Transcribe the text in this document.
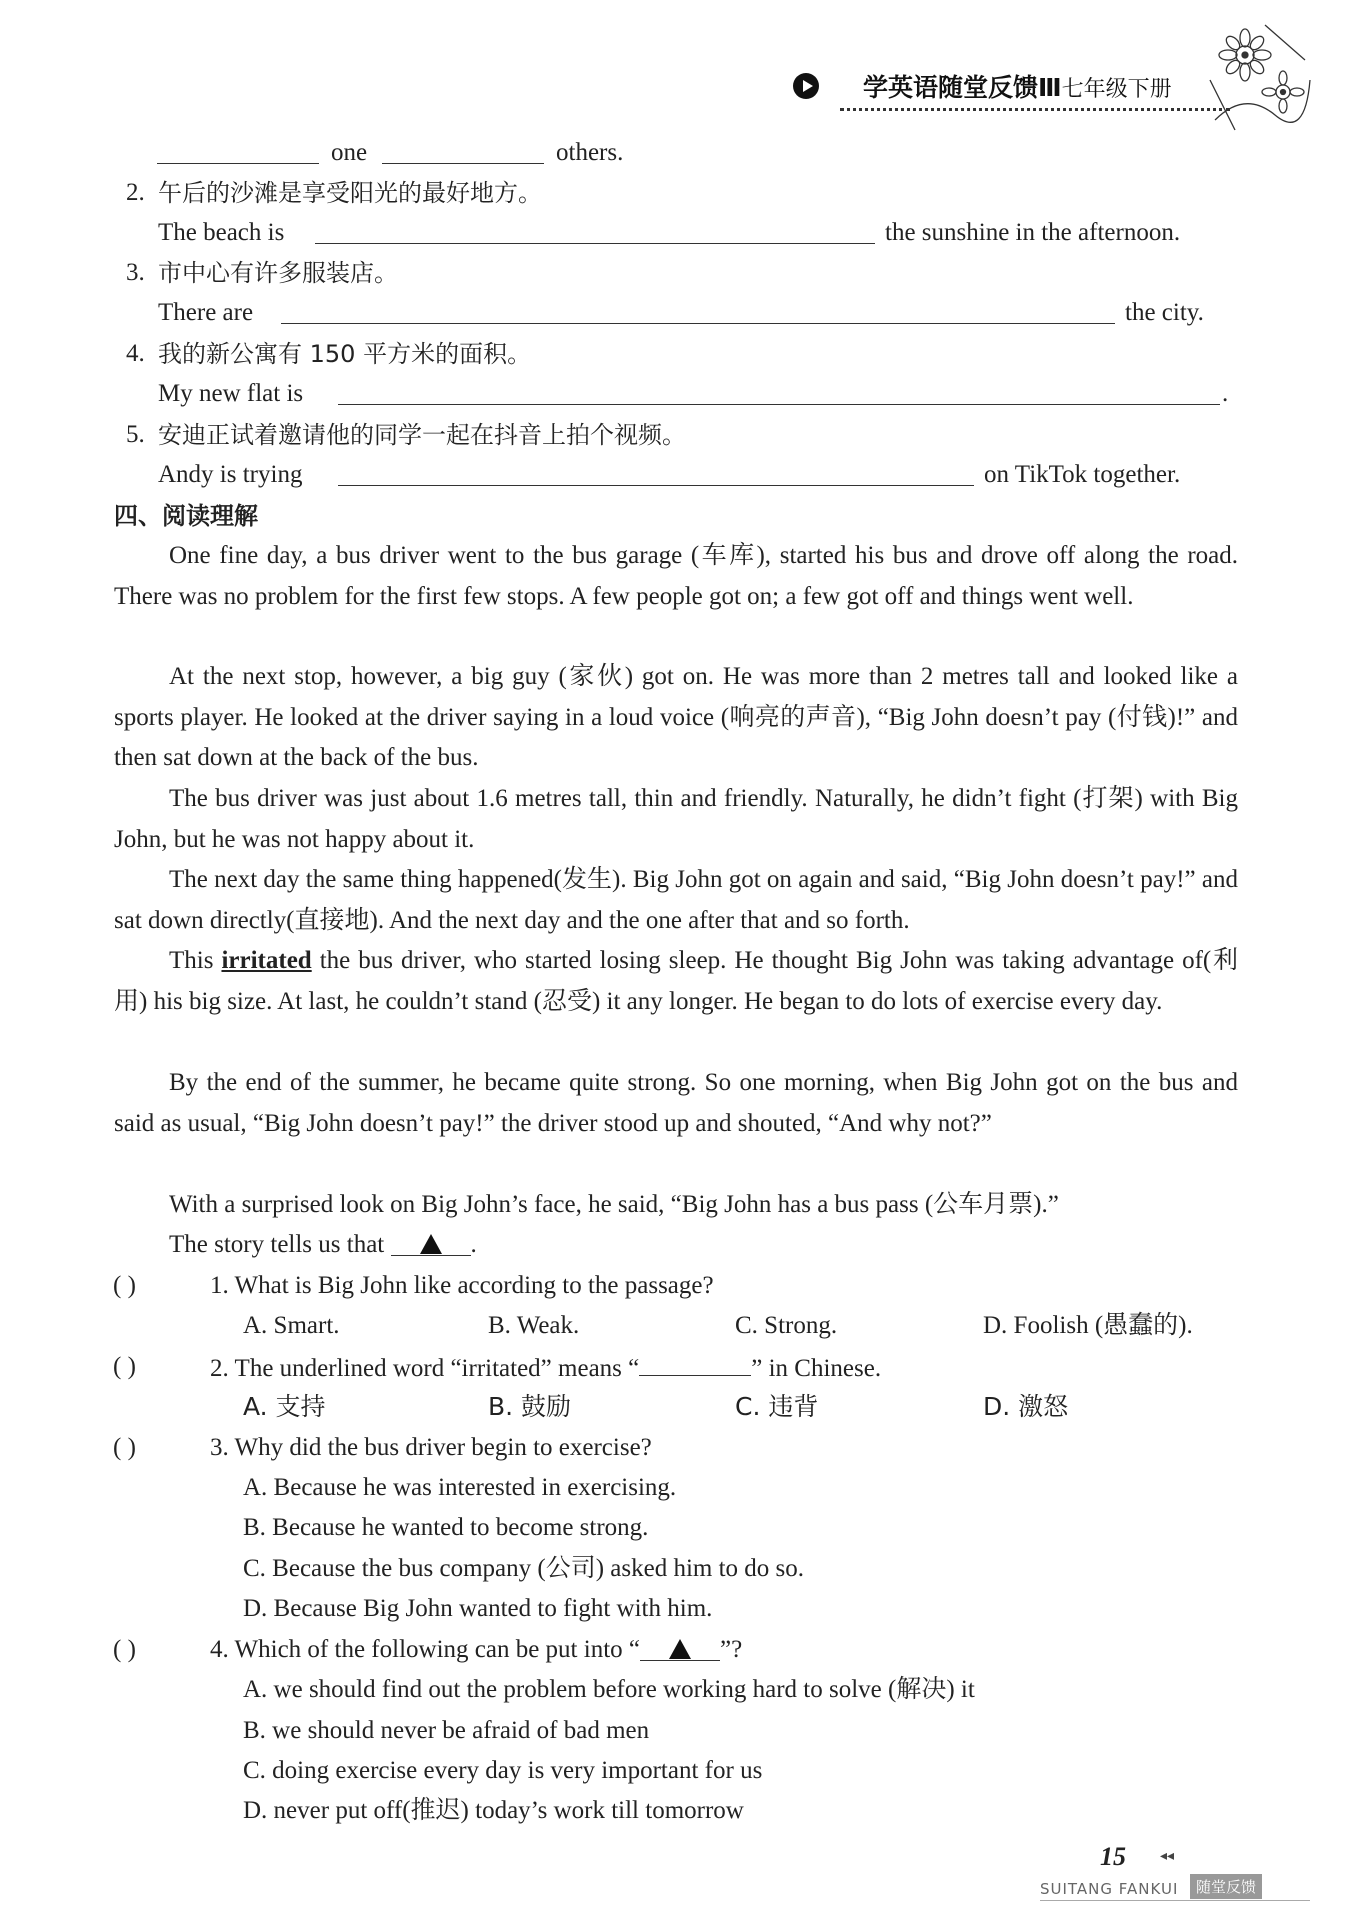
学英语随堂反馈Ⅲ七年级下册
one	others.
2. 午后的沙滩是享受阳光的最好地方。
The beach is	the sunshine in the afternoon.
3. 市中心有许多服装店。
There are	the city.
4. 我的新公寓有 150 平方米的面积。
My new flat is	.
5. 安迪正试着邀请他的同学一起在抖音上拍个视频。
Andy is trying	on TikTok together.
四、阅读理解
One fine day, a bus driver went to the bus garage (车库), started his bus and drove off along the road. There was no problem for the first few stops. A few people got on; a few got off and things went well.
At the next stop, however, a big guy (家伙) got on. He was more than 2 metres tall and looked like a sports player. He looked at the driver saying in a loud voice (响亮的声音), “Big John doesn’t pay (付钱)!” and then sat down at the back of the bus.
The bus driver was just about 1.6 metres tall, thin and friendly. Naturally, he didn’t fight (打架) with Big John, but he was not happy about it.
The next day the same thing happened(发生). Big John got on again and said, “Big John doesn’t pay!” and sat down directly(直接地). And the next day and the one after that and so forth.
This irritated the bus driver, who started losing sleep. He thought Big John was taking advantage of(利用) his big size. At last, he couldn’t stand (忍受) it any longer. He began to do lots of exercise every day.
By the end of the summer, he became quite strong. So one morning, when Big John got on the bus and said as usual, “Big John doesn’t pay!” the driver stood up and shouted, “And why not?”
With a surprised look on Big John’s face, he said, “Big John has a bus pass (公车月票).”
The story tells us that	.
( )	1. What is Big John like according to the passage?
A. Smart.	B. Weak.	C. Strong.	D. Foolish (愚蠢的).
( )	2. The underlined word “irritated” means “	” in Chinese.
A. 支持	B. 鼓励	C. 违背	D. 激怒
( )	3. Why did the bus driver begin to exercise?
A. Because he was interested in exercising.
B. Because he wanted to become strong.
C. Because the bus company (公司) asked him to do so.
D. Because Big John wanted to fight with him.
( )	4. Which of the following can be put into “	”?
A. we should find out the problem before working hard to solve (解决) it
B. we should never be afraid of bad men
C. doing exercise every day is very important for us
D. never put off(推迟) today’s work till tomorrow
15 ◂◂
SUITANG FANKUI	随堂反馈
